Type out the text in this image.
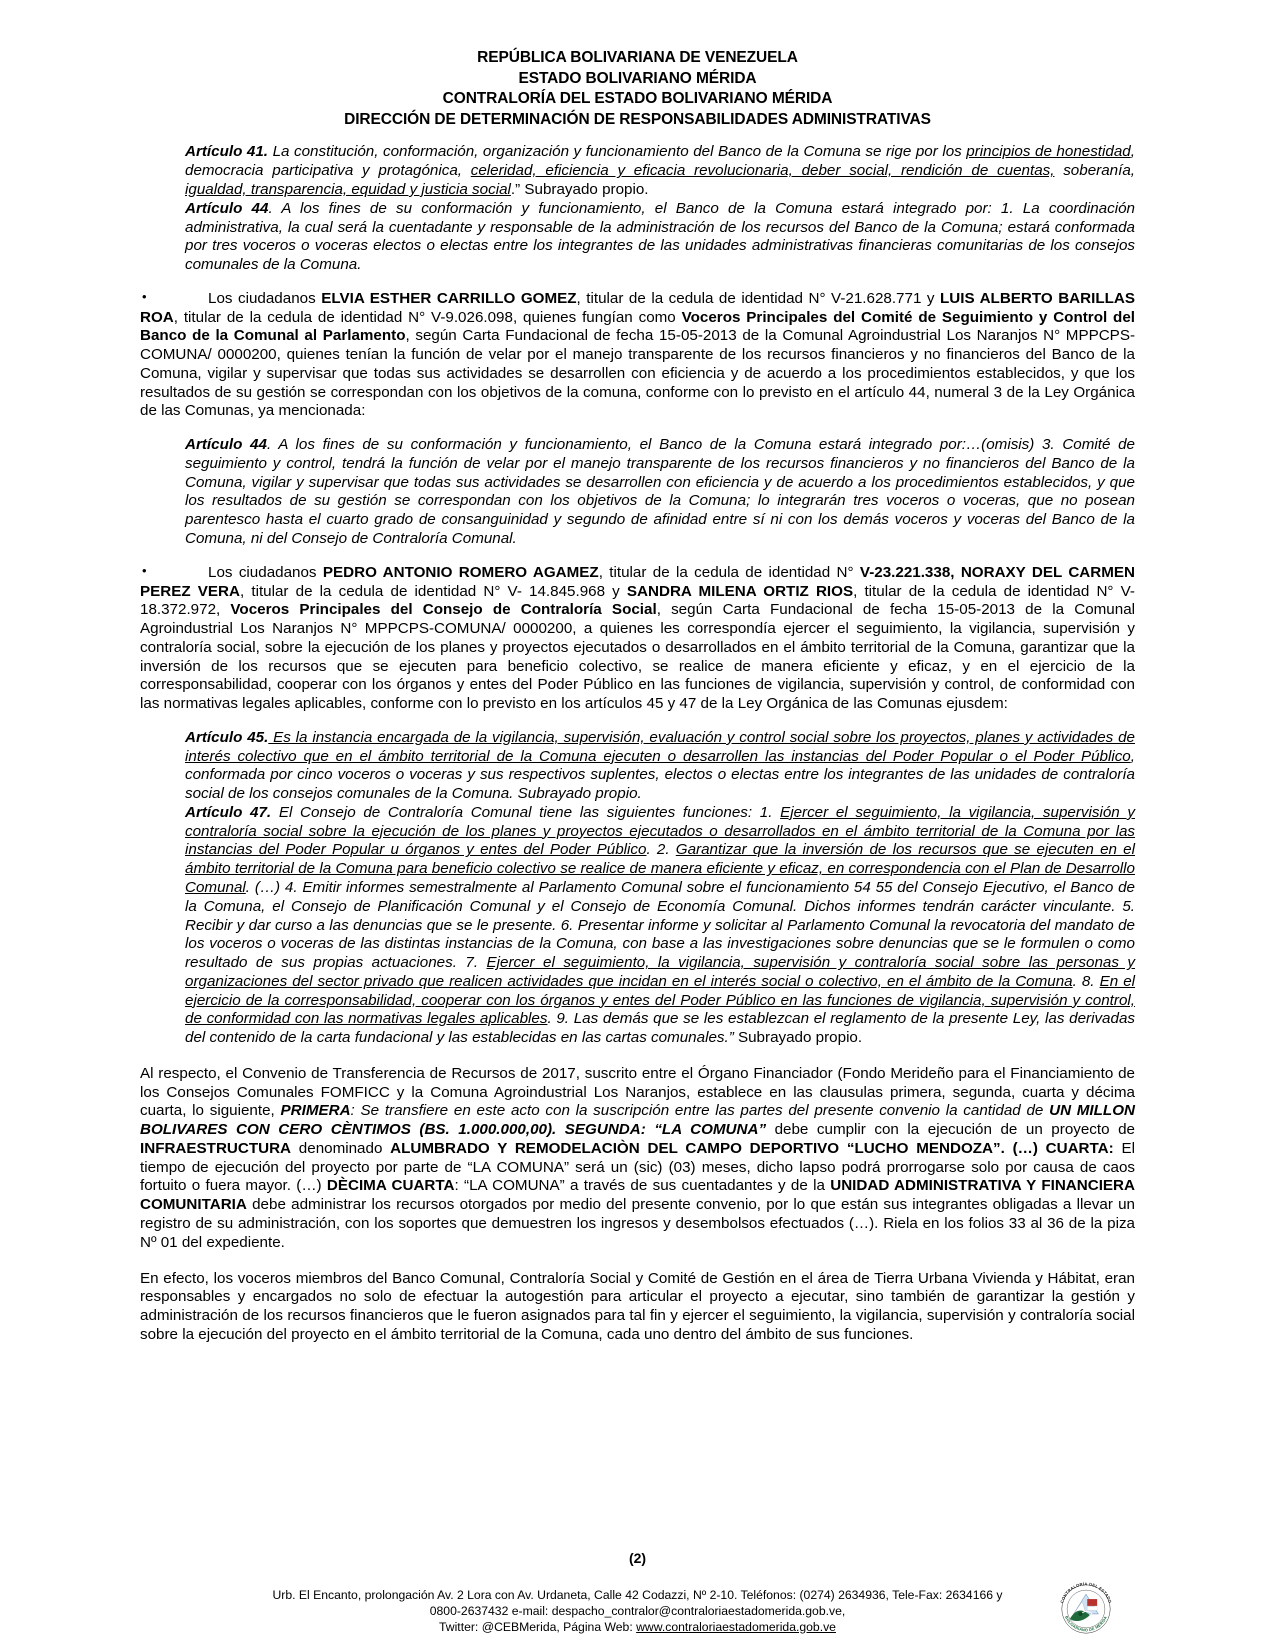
REPÚBLICA BOLIVARIANA DE VENEZUELA
ESTADO BOLIVARIANO MÉRIDA
CONTRALORÍA DEL ESTADO BOLIVARIANO MÉRIDA
DIRECCIÓN DE DETERMINACIÓN DE RESPONSABILIDADES ADMINISTRATIVAS

Artículo 41. La constitución, conformación, organización y funcionamiento del Banco de la Comuna se rige por los principios de honestidad, democracia participativa y protagónica, celeridad, eficiencia y eficacia revolucionaria, deber social, rendición de cuentas, soberanía, igualdad, transparencia, equidad y justicia social.” Subrayado propio.

Artículo 44. A los fines de su conformación y funcionamiento, el Banco de la Comuna estará integrado por: 1. La coordinación administrativa, la cual será la cuentadante y responsable de la administración de los recursos del Banco de la Comuna; estará conformada por tres voceros o voceras electos o electas entre los integrantes de las unidades administrativas financieras comunitarias de los consejos comunales de la Comuna.

•Los ciudadanos ELVIA ESTHER CARRILLO GOMEZ, titular de la cedula de identidad N° V-21.628.771 y LUIS ALBERTO BARILLAS ROA, titular de la cedula de identidad N° V-9.026.098, quienes fungían como Voceros Principales del Comité de Seguimiento y Control del Banco de la Comunal al Parlamento, según Carta Fundacional de fecha 15-05-2013 de la Comunal Agroindustrial Los Naranjos N° MPPCPS-COMUNA/ 0000200, quienes tenían la función de velar por el manejo transparente de los recursos financieros y no financieros del Banco de la Comuna, vigilar y supervisar que todas sus actividades se desarrollen con eficiencia y de acuerdo a los procedimientos establecidos, y que los resultados de su gestión se correspondan con los objetivos de la comuna, conforme con lo previsto en el artículo 44, numeral 3 de la Ley Orgánica de las Comunas, ya mencionada:

Artículo 44. A los fines de su conformación y funcionamiento, el Banco de la Comuna estará integrado por:…(omisis) 3. Comité de seguimiento y control, tendrá la función de velar por el manejo transparente de los recursos financieros y no financieros del Banco de la Comuna, vigilar y supervisar que todas sus actividades se desarrollen con eficiencia y de acuerdo a los procedimientos establecidos, y que los resultados de su gestión se correspondan con los objetivos de la Comuna; lo integrarán tres voceros o voceras, que no posean parentesco hasta el cuarto grado de consanguinidad y segundo de afinidad entre sí ni con los demás voceros y voceras del Banco de la Comuna, ni del Consejo de Contraloría Comunal.

•Los ciudadanos PEDRO ANTONIO ROMERO AGAMEZ, titular de la cedula de identidad N° V-23.221.338, NORAXY DEL CARMEN PEREZ VERA, titular de la cedula de identidad N° V- 14.845.968 y SANDRA MILENA ORTIZ RIOS, titular de la cedula de identidad N° V- 18.372.972, Voceros Principales del Consejo de Contraloría Social, según Carta Fundacional de fecha 15-05-2013 de la Comunal Agroindustrial Los Naranjos N° MPPCPS-COMUNA/ 0000200, a quienes les correspondía ejercer el seguimiento, la vigilancia, supervisión y contraloría social, sobre la ejecución de los planes y proyectos ejecutados o desarrollados en el ámbito territorial de la Comuna, garantizar que la inversión de los recursos que se ejecuten para beneficio colectivo, se realice de manera eficiente y eficaz, y en el ejercicio de la corresponsabilidad, cooperar con los órganos y entes del Poder Público en las funciones de vigilancia, supervisión y control, de conformidad con las normativas legales aplicables, conforme con lo previsto en los artículos 45 y 47 de la Ley Orgánica de las Comunas ejusdem:

Artículo 45. Es la instancia encargada de la vigilancia, supervisión, evaluación y control social sobre los proyectos, planes y actividades de interés colectivo que en el ámbito territorial de la Comuna ejecuten o desarrollen las instancias del Poder Popular o el Poder Público, conformada por cinco voceros o voceras y sus respectivos suplentes, electos o electas entre los integrantes de las unidades de contraloría social de los consejos comunales de la Comuna. Subrayado propio.

Artículo 47. El Consejo de Contraloría Comunal tiene las siguientes funciones: 1. Ejercer el seguimiento, la vigilancia, supervisión y contraloría social sobre la ejecución de los planes y proyectos ejecutados o desarrollados en el ámbito territorial de la Comuna por las instancias del Poder Popular u órganos y entes del Poder Público. 2. Garantizar que la inversión de los recursos que se ejecuten en el ámbito territorial de la Comuna para beneficio colectivo se realice de manera eficiente y eficaz, en correspondencia con el Plan de Desarrollo Comunal. (…) 4. Emitir informes semestralmente al Parlamento Comunal sobre el funcionamiento 54 55 del Consejo Ejecutivo, el Banco de la Comuna, el Consejo de Planificación Comunal y el Consejo de Economía Comunal. Dichos informes tendrán carácter vinculante. 5. Recibir y dar curso a las denuncias que se le presente. 6. Presentar informe y solicitar al Parlamento Comunal la revocatoria del mandato de los voceros o voceras de las distintas instancias de la Comuna, con base a las investigaciones sobre denuncias que se le formulen o como resultado de sus propias actuaciones. 7. Ejercer el seguimiento, la vigilancia, supervisión y contraloría social sobre las personas y organizaciones del sector privado que realicen actividades que incidan en el interés social o colectivo, en el ámbito de la Comuna. 8. En el ejercicio de la corresponsabilidad, cooperar con los órganos y entes del Poder Público en las funciones de vigilancia, supervisión y control, de conformidad con las normativas legales aplicables. 9. Las demás que se les establezcan el reglamento de la presente Ley, las derivadas del contenido de la carta fundacional y las establecidas en las cartas comunales.” Subrayado propio.

Al respecto, el Convenio de Transferencia de Recursos de 2017, suscrito entre el Órgano Financiador (Fondo Merideño para el Financiamiento de los Consejos Comunales FOMFICC y la Comuna Agroindustrial Los Naranjos, establece en las clausulas primera, segunda, cuarta y décima cuarta, lo siguiente, PRIMERA: Se transfiere en este acto con la suscripción entre las partes del presente convenio la cantidad de UN MILLON BOLIVARES CON CERO CÈNTIMOS (BS. 1.000.000,00). SEGUNDA: “LA COMUNA” debe cumplir con la ejecución de un proyecto de INFRAESTRUCTURA denominado ALUMBRADO Y REMODELACIÒN DEL CAMPO DEPORTIVO “LUCHO MENDOZA”. (…) CUARTA: El tiempo de ejecución del proyecto por parte de “LA COMUNA” será un (sic) (03) meses, dicho lapso podrá prorrogarse solo por causa de caos fortuito o fuera mayor. (…) DÈCIMA CUARTA: “LA COMUNA” a través de sus cuentadantes y de la UNIDAD ADMINISTRATIVA Y FINANCIERA COMUNITARIA debe administrar los recursos otorgados por medio del presente convenio, por lo que están sus integrantes obligadas a llevar un registro de su administración, con los soportes que demuestren los ingresos y desembolsos efectuados (…). Riela en los folios 33 al 36 de la piza Nº 01 del expediente.

En efecto, los voceros miembros del Banco Comunal, Contraloría Social y Comité de Gestión en el área de Tierra Urbana Vivienda y Hábitat, eran responsables y encargados no solo de efectuar la autogestión para articular el proyecto a ejecutar, sino también de garantizar la gestión y administración de los recursos financieros que le fueron asignados para tal fin y ejercer el seguimiento, la vigilancia, supervisión y contraloría social sobre la ejecución del proyecto en el ámbito territorial de la Comuna, cada uno dentro del ámbito de sus funciones.

(2)
Urb. El Encanto, prolongación Av. 2 Lora con Av. Urdaneta, Calle 42 Codazzi, Nº 2-10. Teléfonos: (0274) 2634936, Tele-Fax: 2634166 y
0800-2637432 e-mail: despacho_contralor@contraloriaestadomerida.gob.ve,
Twitter: @CEBMerida, Página Web: www.contraloriaestadomerida.gob.ve
CONTRALORÍA DEL ESTADO
BOLIVARIANO DE MÉRIDA
